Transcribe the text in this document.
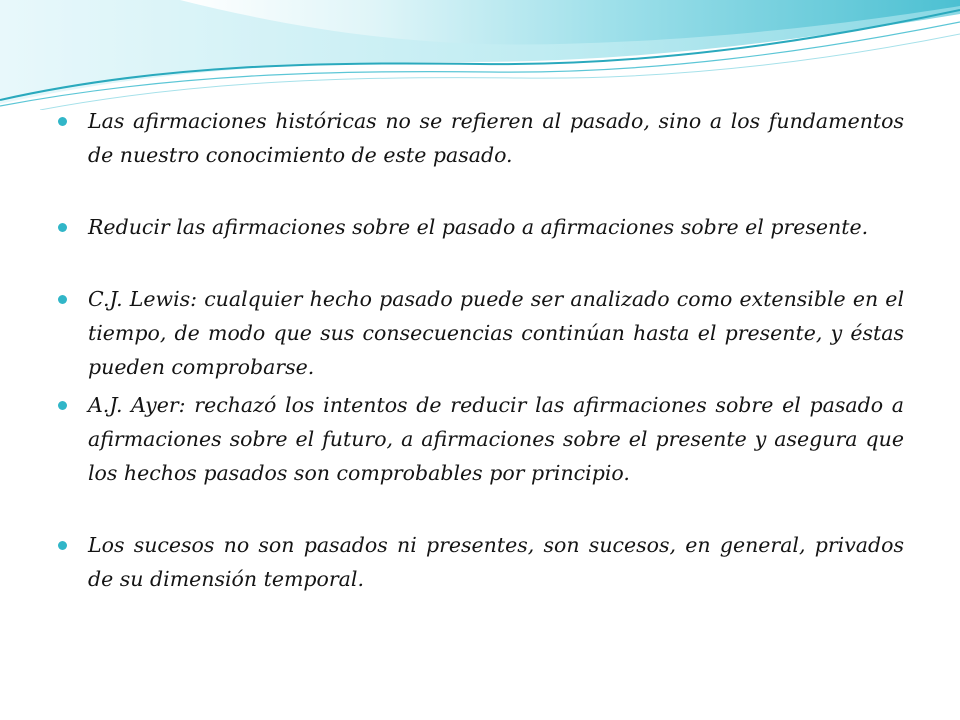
Las afirmaciones históricas no se refieren al pasado, sino a los fundamentos de nuestro conocimiento de este pasado.
Reducir las afirmaciones sobre el pasado a afirmaciones sobre el presente.
C.J. Lewis: cualquier hecho pasado puede ser analizado como extensible en el tiempo, de modo que sus consecuencias continúan hasta el presente, y éstas pueden comprobarse.
A.J. Ayer: rechazó los intentos de reducir las afirmaciones sobre el pasado a afirmaciones sobre el futuro, a afirmaciones sobre el presente y asegura que los hechos pasados son comprobables por principio.
Los sucesos no son pasados ni presentes, son sucesos, en general, privados de su dimensión temporal.
